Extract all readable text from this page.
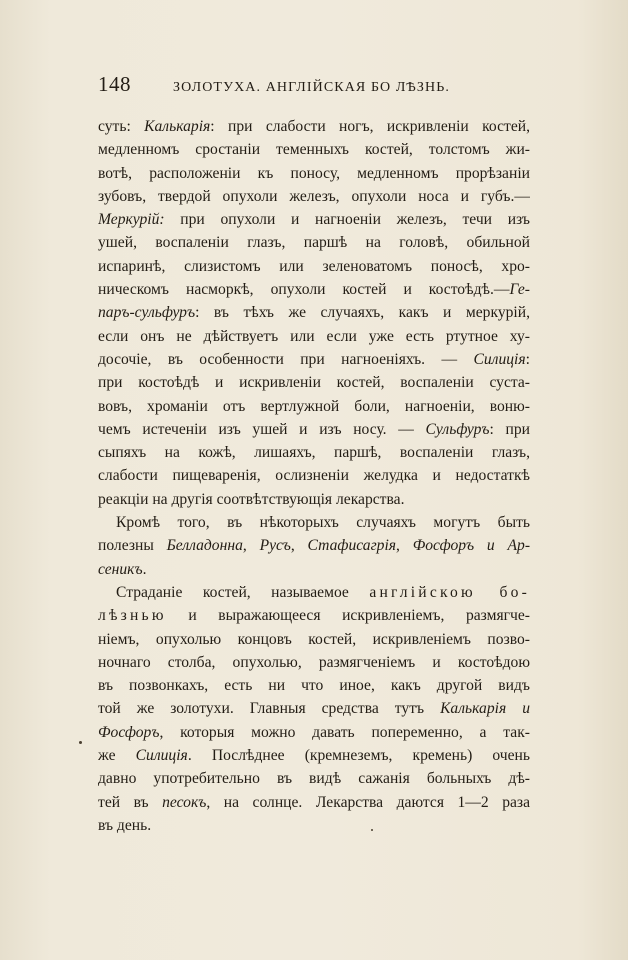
148	ЗОЛОТУХА. АНГЛІЙСКАЯ БО ЛѢЗНЬ.
суть: Калькарія: при слабости ногъ, искривленіи костей,
медленномъ сростаніи теменныхъ костей, толстомъ жи-
вотѣ, расположеніи къ поносу, медленномъ прорѣзаніи
зубовъ, твердой опухоли железъ, опухоли носа и губъ.—
Меркурій: при опухоли и нагноеніи железъ, течи изъ
ушей, воспаленіи глазъ, паршѣ на головѣ, обильной
испаринѣ, слизистомъ или зеленоватомъ поносѣ, хро-
ническомъ насморкѣ, опухоли костей и костоѣдѣ.—Ге-
паръ-сульфуръ: въ тѣхъ же случаяхъ, какъ и меркурій,
если онъ не дѣйствуетъ или если уже есть ртутное ху-
досочіе, въ особенности при нагноеніяхъ. — Силиція:
при костоѣдѣ и искривленіи костей, воспаленіи суста-
вовъ, хроманіи отъ вертлужной боли, нагноеніи, воню-
чемъ истеченіи изъ ушей и изъ носу. — Сульфуръ: при
сыпяхъ на кожѣ, лишаяхъ, паршѣ, воспаленіи глазъ,
слабости пищеваренія, ослизненіи желудка и недостаткѣ
реакціи на другія соотвѣтствующія лекарства.
Кромѣ того, въ нѣкоторыхъ случаяхъ могутъ быть
полезны Белладонна, Русъ, Стафисагрія, Фосфоръ и Ар-
сеникъ.
Страданіе костей, называемое англійскою бо-
лѣзнью и выражающееся искривленіемъ, размягче-
ніемъ, опухолью концовъ костей, искривленіемъ позво-
ночнаго столба, опухолью, размягченіемъ и костоѣдою
въ позвонкахъ, есть ни что иное, какъ другой видъ
той же золотухи. Главныя средства тутъ Калькарія и
Фосфоръ, которыя можно давать попеременно, а так-
же Силиція. Послѣднее (кремнеземъ, кремень) очень
давно употребительно въ видѣ сажанія больныхъ дѣ-
тей въ песокъ, на солнце. Лекарства даются 1—2 раза
въ день.
